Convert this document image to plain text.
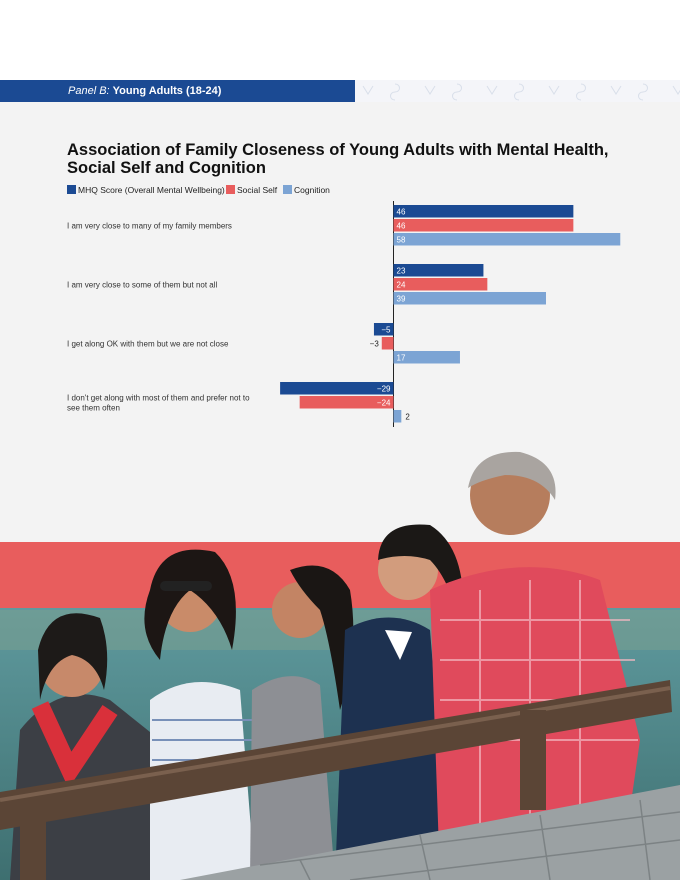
Panel B: Young Adults (18-24)
Association of Family Closeness of Young Adults with Mental Health, Social Self and Cognition
MHQ Score (Overall Mental Wellbeing) Social Self Cognition
I am very close to many of my family members
46
46
58
I am very close to some of them but not all
23
24
39
I get along OK with them but we are not close
−5
−3
17
I don't get along with most of them and prefer not to see them often
−29
−24
2
